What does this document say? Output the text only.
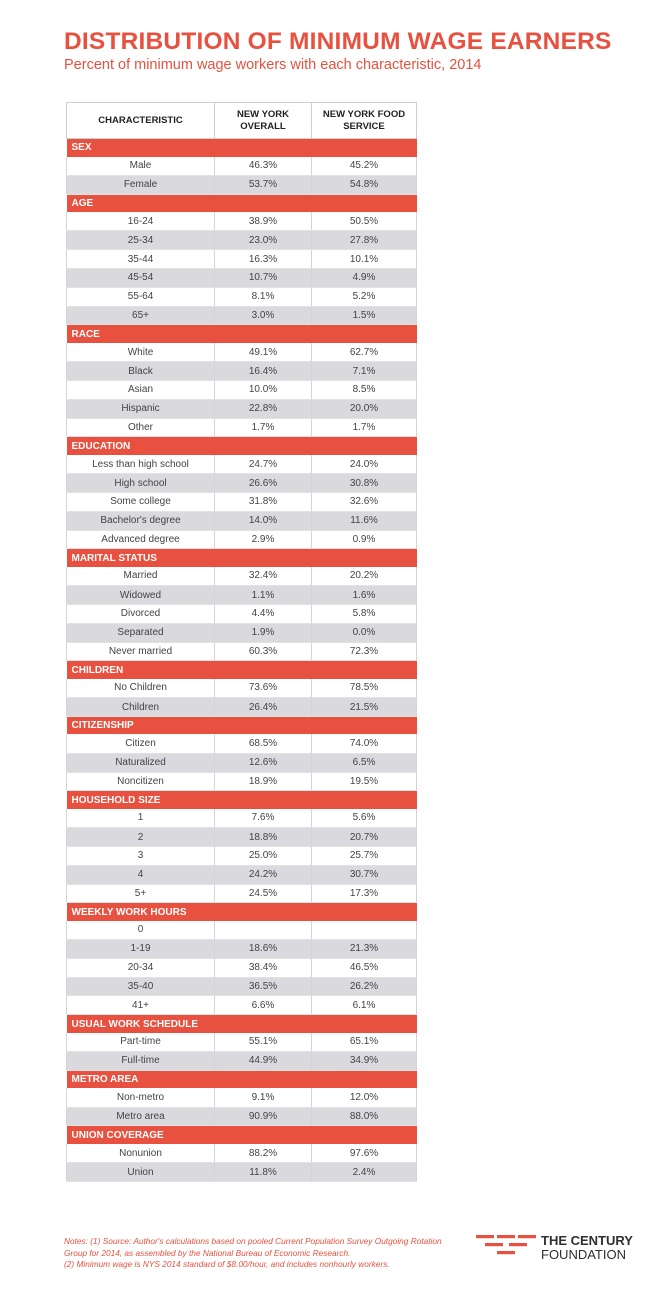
DISTRIBUTION OF MINIMUM WAGE EARNERS
Percent of minimum wage workers with each characteristic, 2014
CHARACTERISTIC	NEW YORK OVERALL	NEW YORK FOOD SERVICE
SEX		
Male	46.3%	45.2%
Female	53.7%	54.8%
AGE		
16-24	38.9%	50.5%
25-34	23.0%	27.8%
35-44	16.3%	10.1%
45-54	10.7%	4.9%
55-64	8.1%	5.2%
65+	3.0%	1.5%
RACE		
White	49.1%	62.7%
Black	16.4%	7.1%
Asian	10.0%	8.5%
Hispanic	22.8%	20.0%
Other	1.7%	1.7%
EDUCATION		
Less than high school	24.7%	24.0%
High school	26.6%	30.8%
Some college	31.8%	32.6%
Bachelor's degree	14.0%	11.6%
Advanced degree	2.9%	0.9%
MARITAL STATUS		
Married	32.4%	20.2%
Widowed	1.1%	1.6%
Divorced	4.4%	5.8%
Separated	1.9%	0.0%
Never married	60.3%	72.3%
CHILDREN		
No Children	73.6%	78.5%
Children	26.4%	21.5%
CITIZENSHIP		
Citizen	68.5%	74.0%
Naturalized	12.6%	6.5%
Noncitizen	18.9%	19.5%
HOUSEHOLD SIZE		
1	7.6%	5.6%
2	18.8%	20.7%
3	25.0%	25.7%
4	24.2%	30.7%
5+	24.5%	17.3%
WEEKLY WORK HOURS		
0		
1-19	18.6%	21.3%
20-34	38.4%	46.5%
35-40	36.5%	26.2%
41+	6.6%	6.1%
USUAL WORK SCHEDULE		
Part-time	55.1%	65.1%
Full-time	44.9%	34.9%
METRO AREA		
Non-metro	9.1%	12.0%
Metro area	90.9%	88.0%
UNION COVERAGE		
Nonunion	88.2%	97.6%
Union	11.8%	2.4%
Notes: (1) Source: Author's calculations based on pooled Current Population Survey Outgoing Rotation Group for 2014, as assembled by the National Bureau of Economic Research.
(2) Minimum wage is NYS 2014 standard of $8.00/hour, and includes nonhourly workers.
THE CENTURY
FOUNDATION
